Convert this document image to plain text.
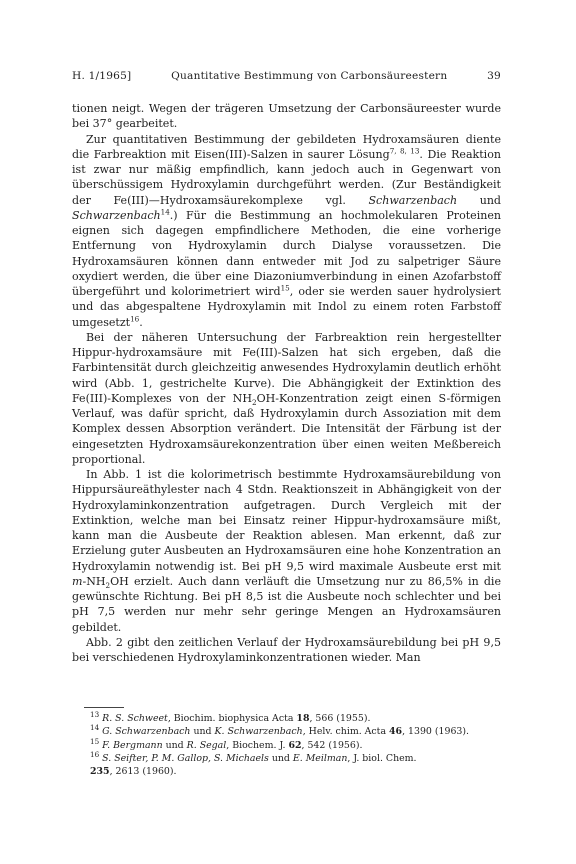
H. 1/1965]	Quantitative Bestimmung von Carbonsäureestern	39

tionen neigt. Wegen der trägeren Umsetzung der Carbonsäureester wurde bei 37° gearbeitet.

Zur quantitativen Bestimmung der gebildeten Hydroxamsäuren diente die Farbreaktion mit Eisen(III)-Salzen in saurer Lösung$^{7, 8, 13}$. Die Reaktion ist zwar nur mäßig empfindlich, kann jedoch auch in Gegenwart von überschüssigem Hydroxylamin durchgeführt werden. (Zur Beständigkeit der Fe(III)—Hydroxamsäurekomplexe vgl. Schwarzenbach und Schwarzenbach$^{14}$.) Für die Bestimmung an hochmolekularen Proteinen eignen sich dagegen empfindlichere Methoden, die eine vorherige Entfernung von Hydroxylamin durch Dialyse voraussetzen. Die Hydroxamsäuren können dann entweder mit Jod zu salpetriger Säure oxydiert werden, die über eine Diazoniumverbindung in einen Azofarbstoff übergeführt und kolorimetriert wird$^{15}$, oder sie werden sauer hydrolysiert und das abgespaltene Hydroxylamin mit Indol zu einem roten Farbstoff umgesetzt$^{16}$.

Bei der näheren Untersuchung der Farbreaktion rein hergestellter Hippur-hydroxamsäure mit Fe(III)-Salzen hat sich ergeben, daß die Farbintensität durch gleichzeitig anwesendes Hydroxylamin deutlich erhöht wird (Abb. 1, gestrichelte Kurve). Die Abhängigkeit der Extinktion des Fe(III)-Komplexes von der $NH_2OH$-Konzentration zeigt einen S-förmigen Verlauf, was dafür spricht, daß Hydroxylamin durch Assoziation mit dem Komplex dessen Absorption verändert. Die Intensität der Färbung ist der eingesetzten Hydroxamsäurekonzentration über einen weiten Meßbereich proportional.

In Abb. 1 ist die kolorimetrisch bestimmte Hydroxamsäurebildung von Hippursäureäthylester nach 4 Stdn. Reaktionszeit in Abhängigkeit von der Hydroxylaminkonzentration aufgetragen. Durch Vergleich mit der Extinktion, welche man bei Einsatz reiner Hippur-hydroxamsäure mißt, kann man die Ausbeute der Reaktion ablesen. Man erkennt, daß zur Erzielung guter Ausbeuten an Hydroxamsäuren eine hohe Konzentration an Hydroxylamin notwendig ist. Bei pH 9,5 wird maximale Ausbeute erst mit $m-NH_2OH$ erzielt. Auch dann verläuft die Umsetzung nur zu 86,5% in die gewünschte Richtung. Bei pH 8,5 ist die Ausbeute noch schlechter und bei pH 7,5 werden nur mehr sehr geringe Mengen an Hydroxamsäuren gebildet.

Abb. 2 gibt den zeitlichen Verlauf der Hydroxamsäurebildung bei pH 9,5 bei verschiedenen Hydroxylaminkonzentrationen wieder. Man

$^{13}$ R. S. Schweet, Biochim. biophysica Acta 18, 566 (1955).

$^{14}$ G. Schwarzenbach und K. Schwarzenbach, Helv. chim. Acta 46, 1390 (1963).

$^{15}$ F. Bergmann und R. Segal, Biochem. J. 62, 542 (1956).

$^{16}$ S. Seifter, P. M. Gallop, S. Michaels und E. Meilman, J. biol. Chem.
235, 2613 (1960).
